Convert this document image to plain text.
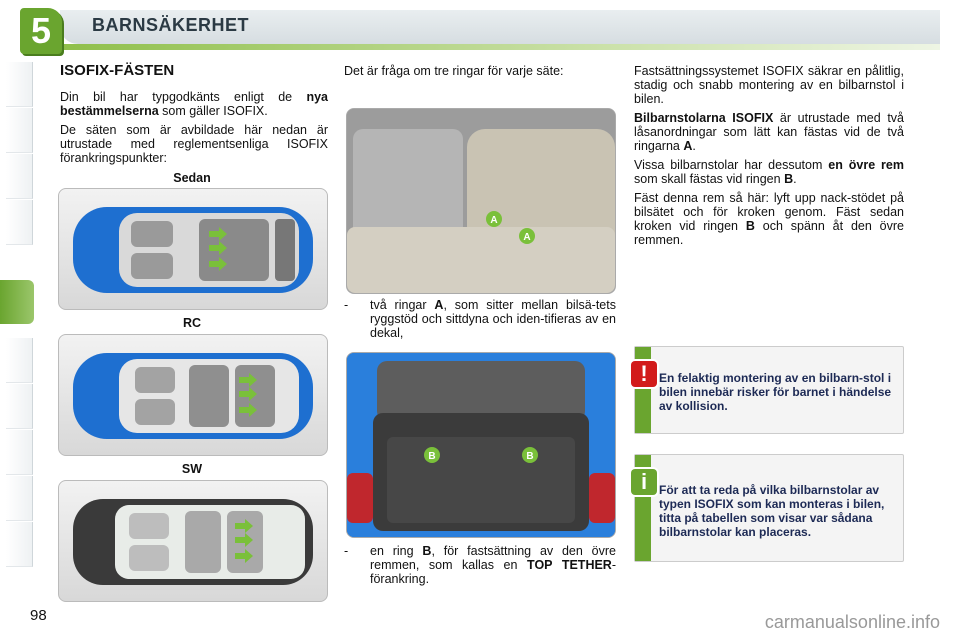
5	BARNSÄKERHET
ISOFIX-FÄSTEN

Din bil har typgodkänts enligt de nya bestämmelserna som gäller ISOFIX.

De säten som är avbildade här nedan är utrustade med reglementsenliga ISOFIX förankringspunkter:

Sedan
RC
SW

Det är fråga om tre ringar för varje säte:

A
A
- två ringar A, som sitter mellan bilsä-tets ryggstöd och sittdyna och iden-tifieras av en dekal,
B	B
- en ring B, för fastsättning av den övre remmen, som kallas en TOP TETHER-förankring.

Fastsättningssystemet ISOFIX säkrar en pålitlig, stadig och snabb montering av en bilbarnstol i bilen.

Bilbarnstolarna ISOFIX är utrustade med två låsanordningar som lätt kan fästas vid de två ringarna A.

Vissa bilbarnstolar har dessutom en övre rem som skall fästas vid ringen B.

Fäst denna rem så här: lyft upp nack-stödet på bilsätet och för kroken genom. Fäst sedan kroken vid ringen B och spänn åt den övre remmen.

! En felaktig montering av en bilbarn-stol i bilen innebär risker för barnet i händelse av kollision.
i För att ta reda på vilka bilbarnstolar av typen ISOFIX som kan monteras i bilen, titta på tabellen som visar var sådana bilbarnstolar kan placeras.
98	carmanualsonline.info
